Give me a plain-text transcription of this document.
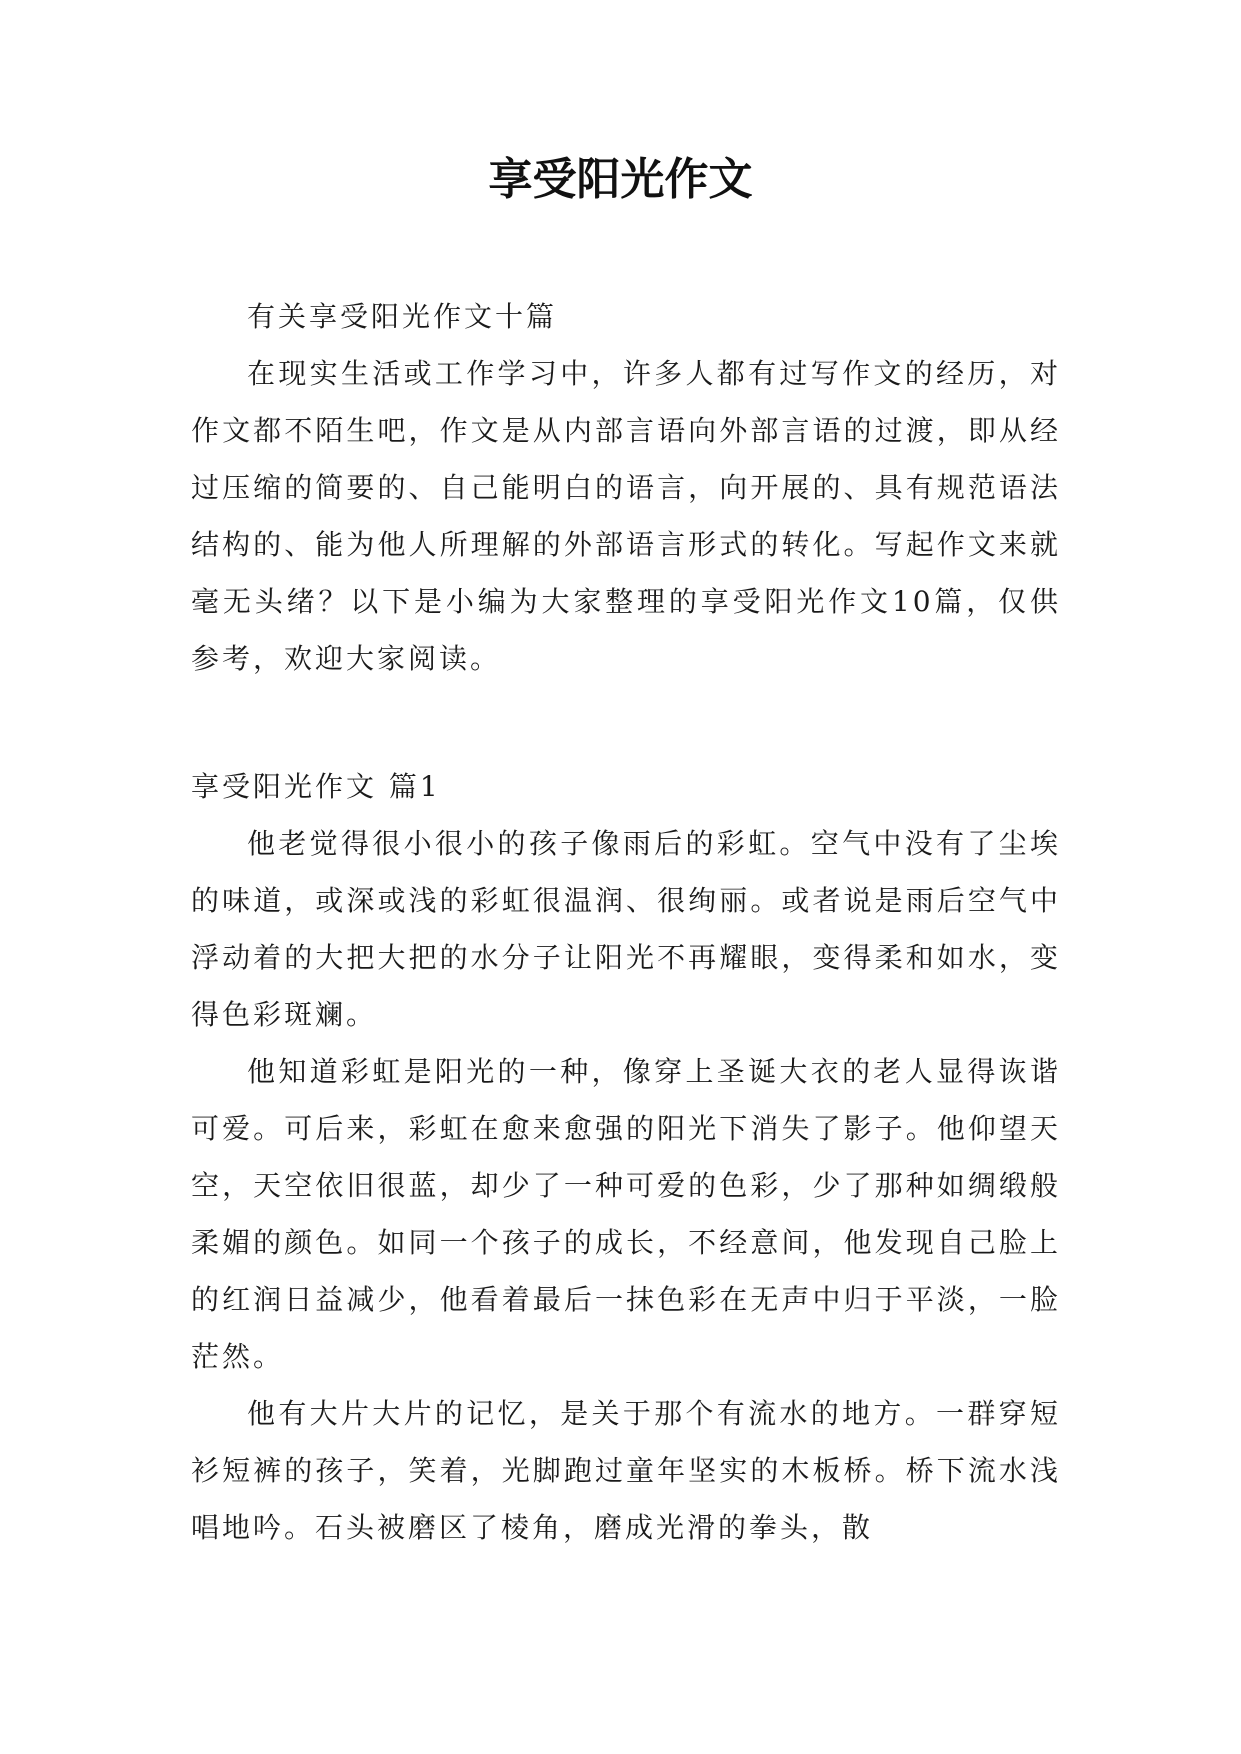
享受阳光作文

有关享受阳光作文十篇

在现实生活或工作学习中，许多人都有过写作文的经历，对作文都不陌生吧，作文是从内部言语向外部言语的过渡，即从经过压缩的简要的、自己能明白的语言，向开展的、具有规范语法结构的、能为他人所理解的外部语言形式的转化。写起作文来就毫无头绪？以下是小编为大家整理的享受阳光作文10篇，仅供参考，欢迎大家阅读。

享受阳光作文 篇1

他老觉得很小很小的孩子像雨后的彩虹。空气中没有了尘埃的味道，或深或浅的彩虹很温润、很绚丽。或者说是雨后空气中浮动着的大把大把的水分子让阳光不再耀眼，变得柔和如水，变得色彩斑斓。

他知道彩虹是阳光的一种，像穿上圣诞大衣的老人显得诙谐可爱。可后来，彩虹在愈来愈强的阳光下消失了影子。他仰望天空，天空依旧很蓝，却少了一种可爱的色彩，少了那种如绸缎般柔媚的颜色。如同一个孩子的成长，不经意间，他发现自己脸上的红润日益减少，他看着最后一抹色彩在无声中归于平淡，一脸茫然。

他有大片大片的记忆，是关于那个有流水的地方。一群穿短衫短裤的孩子，笑着，光脚跑过童年坚实的木板桥。桥下流水浅唱地吟。石头被磨区了棱角，磨成光滑的拳头，散
